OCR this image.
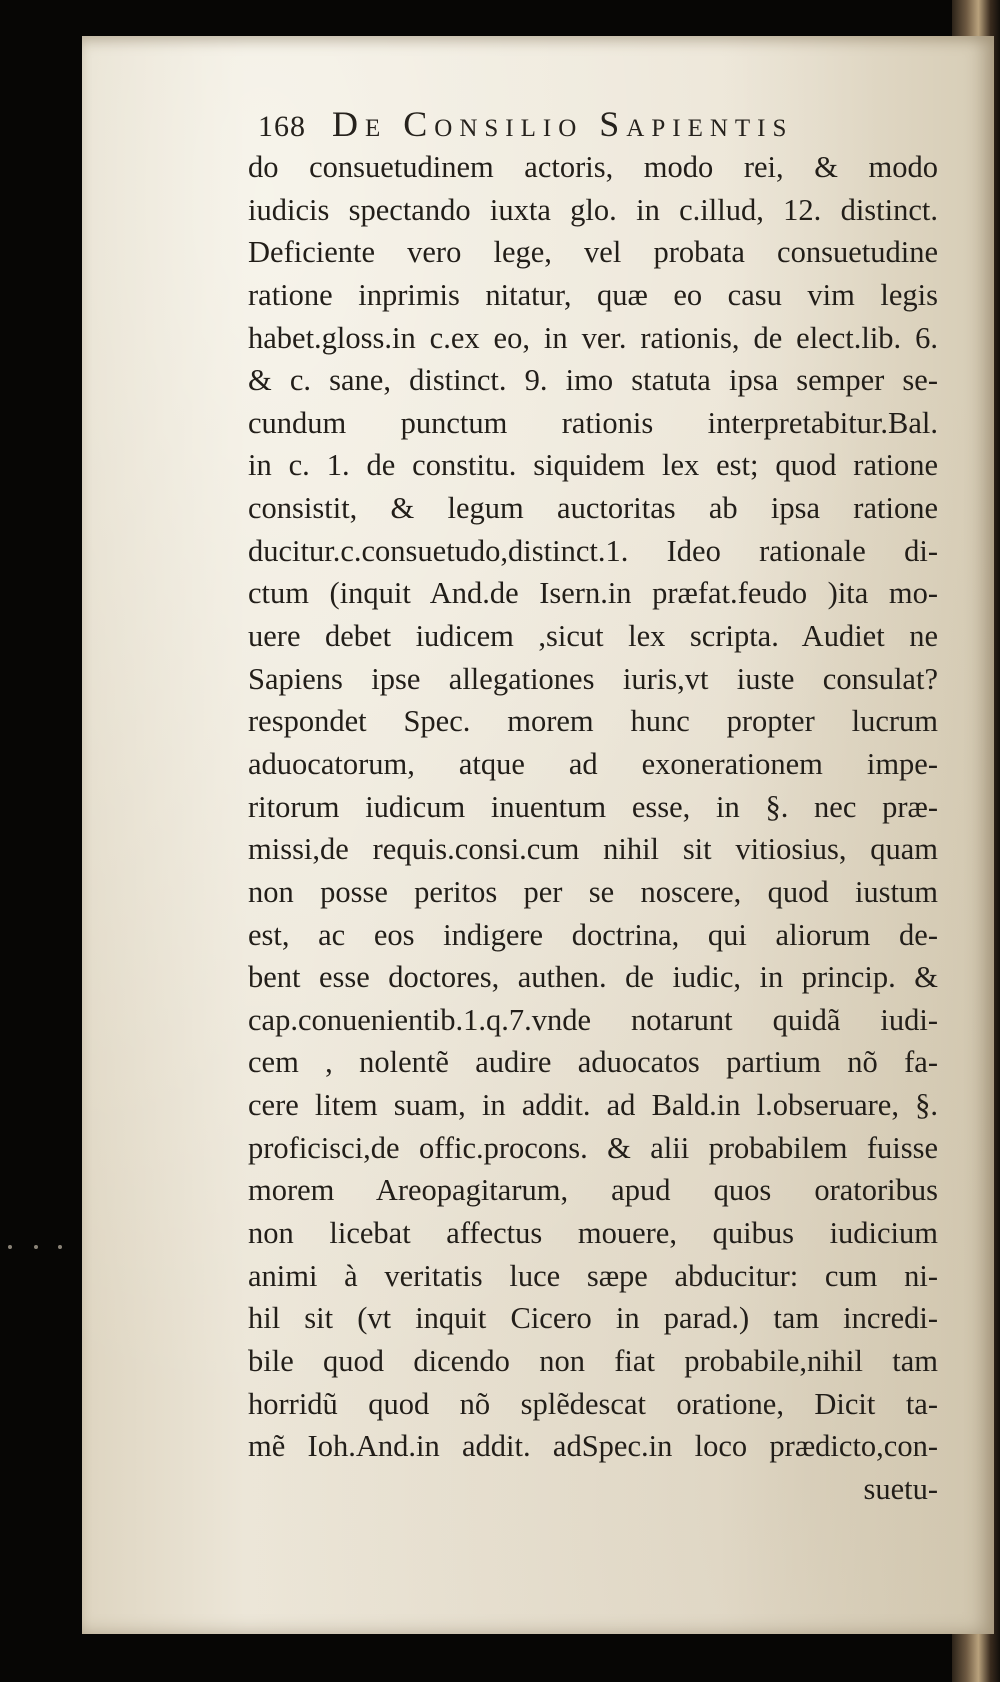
168 De Consilio Sapientis
do consuetudinem actoris, modo rei, & modo
iudicis spectando iuxta glo. in c.illud, 12. distinct.
Deficiente vero lege, vel probata consuetudine
ratione inprimis nitatur, quæ eo casu vim legis
habet.gloss.in c.ex eo, in ver. rationis, de elect.lib. 6.
& c. sane, distinct. 9. imo statuta ipsa semper se-
cundum punctum rationis interpretabitur.Bal.
in c. 1. de constitu. siquidem lex est; quod ratione
consistit, & legum auctoritas ab ipsa ratione
ducitur.c.consuetudo,distinct.1. Ideo rationale di-
ctum (inquit And.de Isern.in præfat.feudo )ita mo-
uere debet iudicem ,sicut lex scripta. Audiet ne
Sapiens ipse allegationes iuris,vt iuste consulat?
respondet Spec. morem hunc propter lucrum
aduocatorum, atque ad exonerationem impe-
ritorum iudicum inuentum esse, in §. nec præ-
missi,de requis.consi.cum nihil sit vitiosius, quam
non posse peritos per se noscere, quod iustum
est, ac eos indigere doctrina, qui aliorum de-
bent esse doctores, authen. de iudic, in princip. &
cap.conuenientib.1.q.7.vnde notarunt quidã iudi-
cem , nolentẽ audire aduocatos partium nõ fa-
cere litem suam, in addit. ad Bald.in l.obseruare, §.
proficisci,de offic.procons. & alii probabilem fuisse
morem Areopagitarum, apud quos oratoribus
non licebat affectus mouere, quibus iudicium
animi à veritatis luce sæpe abducitur: cum ni-
hil sit (vt inquit Cicero in parad.) tam incredi-
bile quod dicendo non fiat probabile,nihil tam
horridũ quod nõ splẽdescat oratione, Dicit ta-
mẽ Ioh.And.in addit. adSpec.in loco prædicto,con-
suetu-
